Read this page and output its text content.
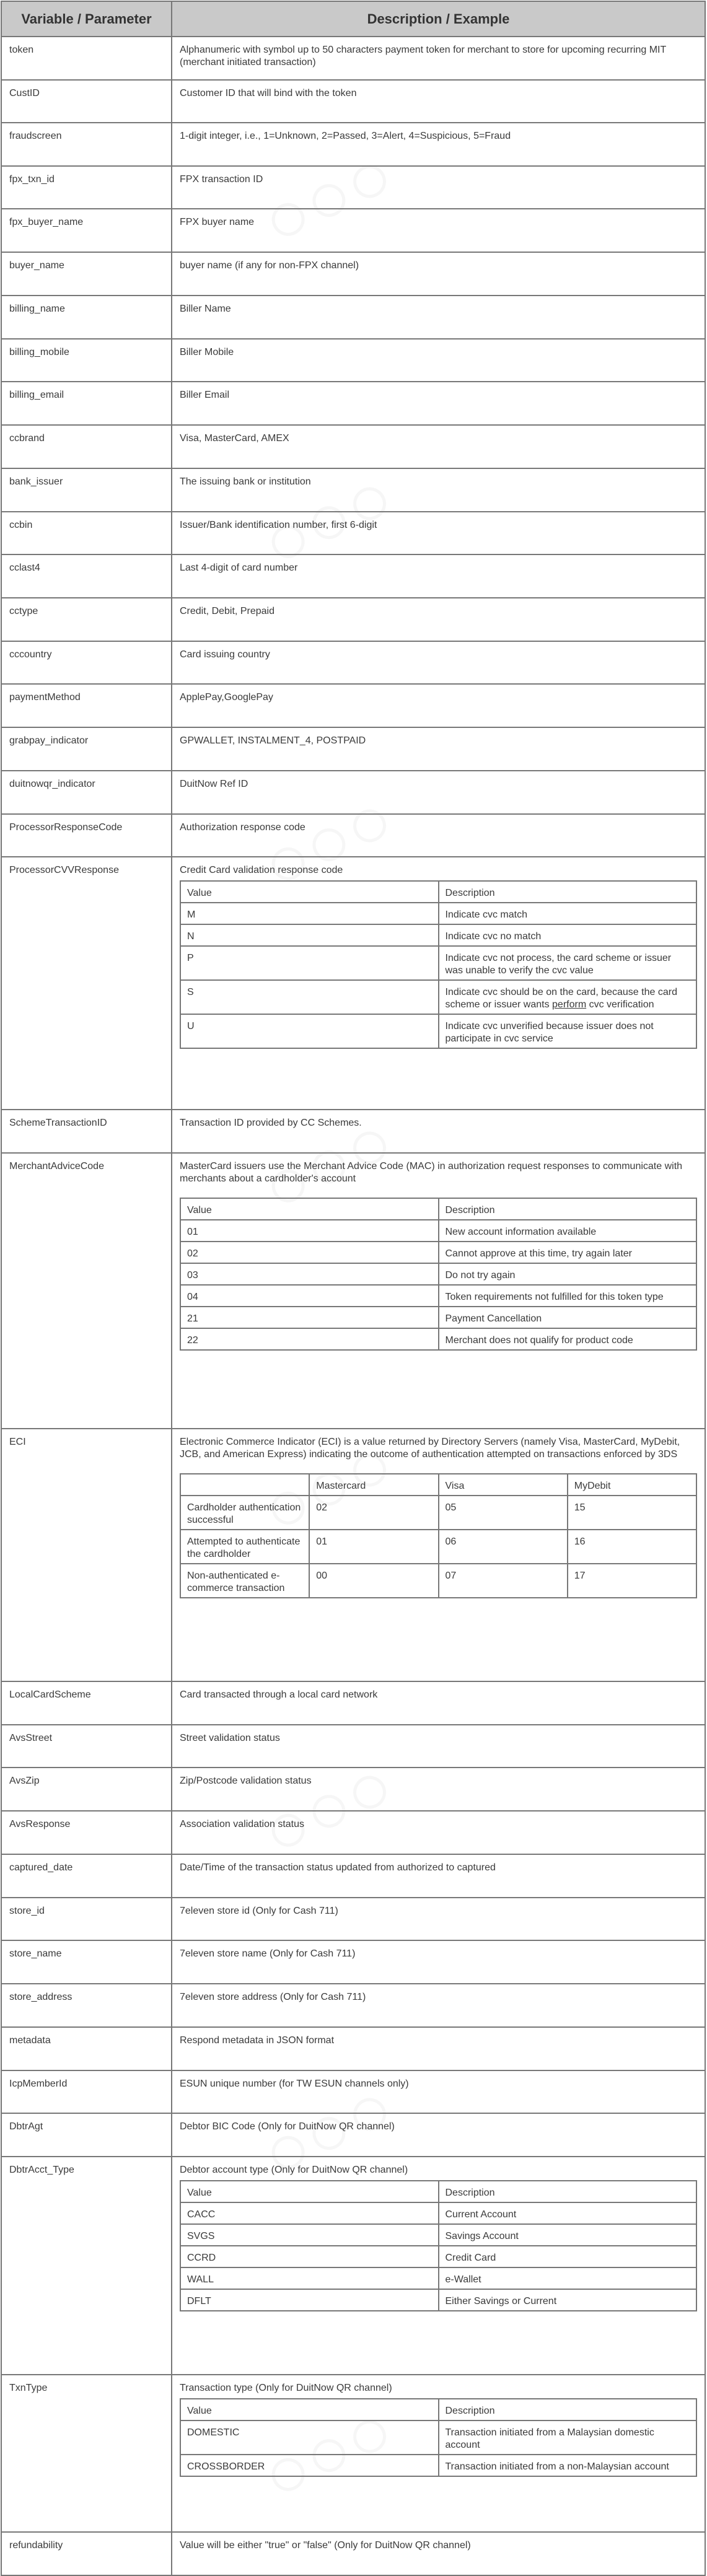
Variable / Parameter	Description / Example
token	Alphanumeric with symbol up to 50 characters payment token for merchant to store for upcoming recurring MIT (merchant initiated transaction)

CustID	Customer ID that will bind with the token

fraudscreen	1-digit integer, i.e., 1=Unknown, 2=Passed, 3=Alert, 4=Suspicious, 5=Fraud

fpx_txn_id	FPX transaction ID

fpx_buyer_name	FPX buyer name

buyer_name	buyer name (if any for non-FPX channel)

billing_name	Biller Name

billing_mobile	Biller Mobile

billing_email	Biller Email

ccbrand	Visa, MasterCard, AMEX

bank_issuer	The issuing bank or institution

ccbin	Issuer/Bank identification number, first 6-digit

cclast4	Last 4-digit of card number

cctype	Credit, Debit, Prepaid

cccountry	Card issuing country

paymentMethod	ApplePay,GooglePay

grabpay_indicator	GPWALLET, INSTALMENT_4, POSTPAID

duitnowqr_indicator	DuitNow Ref ID

ProcessorResponseCode	Authorization response code

ProcessorCVVResponse	Credit Card validation response code
Value	Description
M	Indicate cvc match
N	Indicate cvc no match
P	Indicate cvc not process, the card scheme or issuer was unable to verify the cvc value
S	Indicate cvc should be on the card, because the card scheme or issuer wants perform cvc verification
U	Indicate cvc unverified because issuer does not participate in cvc service

SchemeTransactionID	Transaction ID provided by CC Schemes.

MerchantAdviceCode	MasterCard issuers use the Merchant Advice Code (MAC) in authorization request responses to communicate with merchants about a cardholder's account
Value	Description
01	New account information available
02	Cannot approve at this time, try again later
03	Do not try again
04	Token requirements not fulfilled for this token type
21	Payment Cancellation
22	Merchant does not qualify for product code

ECI	Electronic Commerce Indicator (ECI) is a value returned by Directory Servers (namely Visa, MasterCard, MyDebit, JCB, and American Express) indicating the outcome of authentication attempted on transactions enforced by 3DS
	Mastercard	Visa	MyDebit
Cardholder authentication successful	02	05	15
Attempted to authenticate the cardholder	01	06	16
Non-authenticated e-commerce transaction	00	07	17

LocalCardScheme	Card transacted through a local card network

AvsStreet	Street validation status

AvsZip	Zip/Postcode validation status

AvsResponse	Association validation status

captured_date	Date/Time of the transaction status updated from authorized to captured

store_id	7eleven store id (Only for Cash 711)

store_name	7eleven store name (Only for Cash 711)

store_address	7eleven store address (Only for Cash 711)

metadata	Respond metadata in JSON format

IcpMemberId	ESUN unique number (for TW ESUN channels only)

DbtrAgt	Debtor BIC Code (Only for DuitNow QR channel)

DbtrAcct_Type	Debtor account type (Only for DuitNow QR channel)
Value	Description
CACC	Current Account
SVGS	Savings Account
CCRD	Credit Card
WALL	e-Wallet
DFLT	Either Savings or Current

TxnType	Transaction type (Only for DuitNow QR channel)
Value	Description
DOMESTIC	Transaction initiated from a Malaysian domestic account
CROSSBORDER	Transaction initiated from a non-Malaysian account

refundability	Value will be either "true" or "false" (Only for DuitNow QR channel)
